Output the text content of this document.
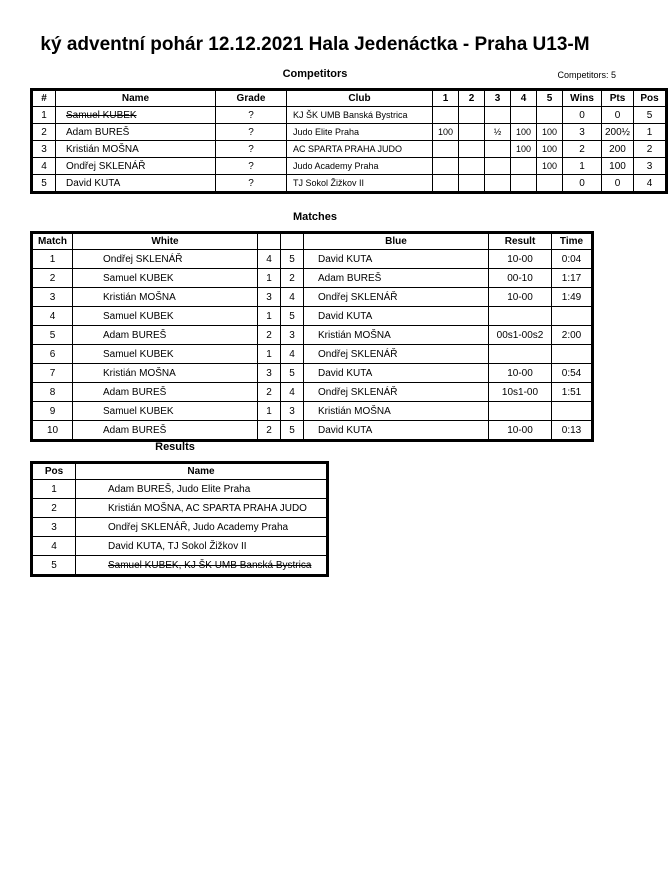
ký adventní pohár 12.12.2021 Hala Jedenáctka - Praha U13-M
Competitors	Competitors: 5
#	Name	Grade	Club	1	2	3	4	5	Wins	Pts	Pos
1	Samuel KUBEK	?	KJ ŠK UMB Banská Bystrica						0	0	5
2	Adam BUREŠ	?	Judo Elite Praha	100		½	100	100	3	200½	1
3	Kristián MOŠNA	?	AC SPARTA PRAHA JUDO				100	100	2	200	2
4	Ondřej SKLENÁŘ	?	Judo Academy Praha					100	1	100	3
5	David KUTA	?	TJ Sokol Žižkov II						0	0	4
Matches
Match	White			Blue	Result	Time
1	Ondřej SKLENÁŘ	4	5	David KUTA	10-00	0:04
2	Samuel KUBEK	1	2	Adam BUREŠ	00-10	1:17
3	Kristián MOŠNA	3	4	Ondřej SKLENÁŘ	10-00	1:49
4	Samuel KUBEK	1	5	David KUTA		
5	Adam BUREŠ	2	3	Kristián MOŠNA	00s1-00s2	2:00
6	Samuel KUBEK	1	4	Ondřej SKLENÁŘ		
7	Kristián MOŠNA	3	5	David KUTA	10-00	0:54
8	Adam BUREŠ	2	4	Ondřej SKLENÁŘ	10s1-00	1:51
9	Samuel KUBEK	1	3	Kristián MOŠNA		
10	Adam BUREŠ	2	5	David KUTA	10-00	0:13
Results
Pos	Name
1	Adam BUREŠ, Judo Elite Praha
2	Kristián MOŠNA, AC SPARTA PRAHA JUDO
3	Ondřej SKLENÁŘ, Judo Academy Praha
4	David KUTA, TJ Sokol Žižkov II
5	Samuel KUBEK, KJ ŠK UMB Banská Bystrica
